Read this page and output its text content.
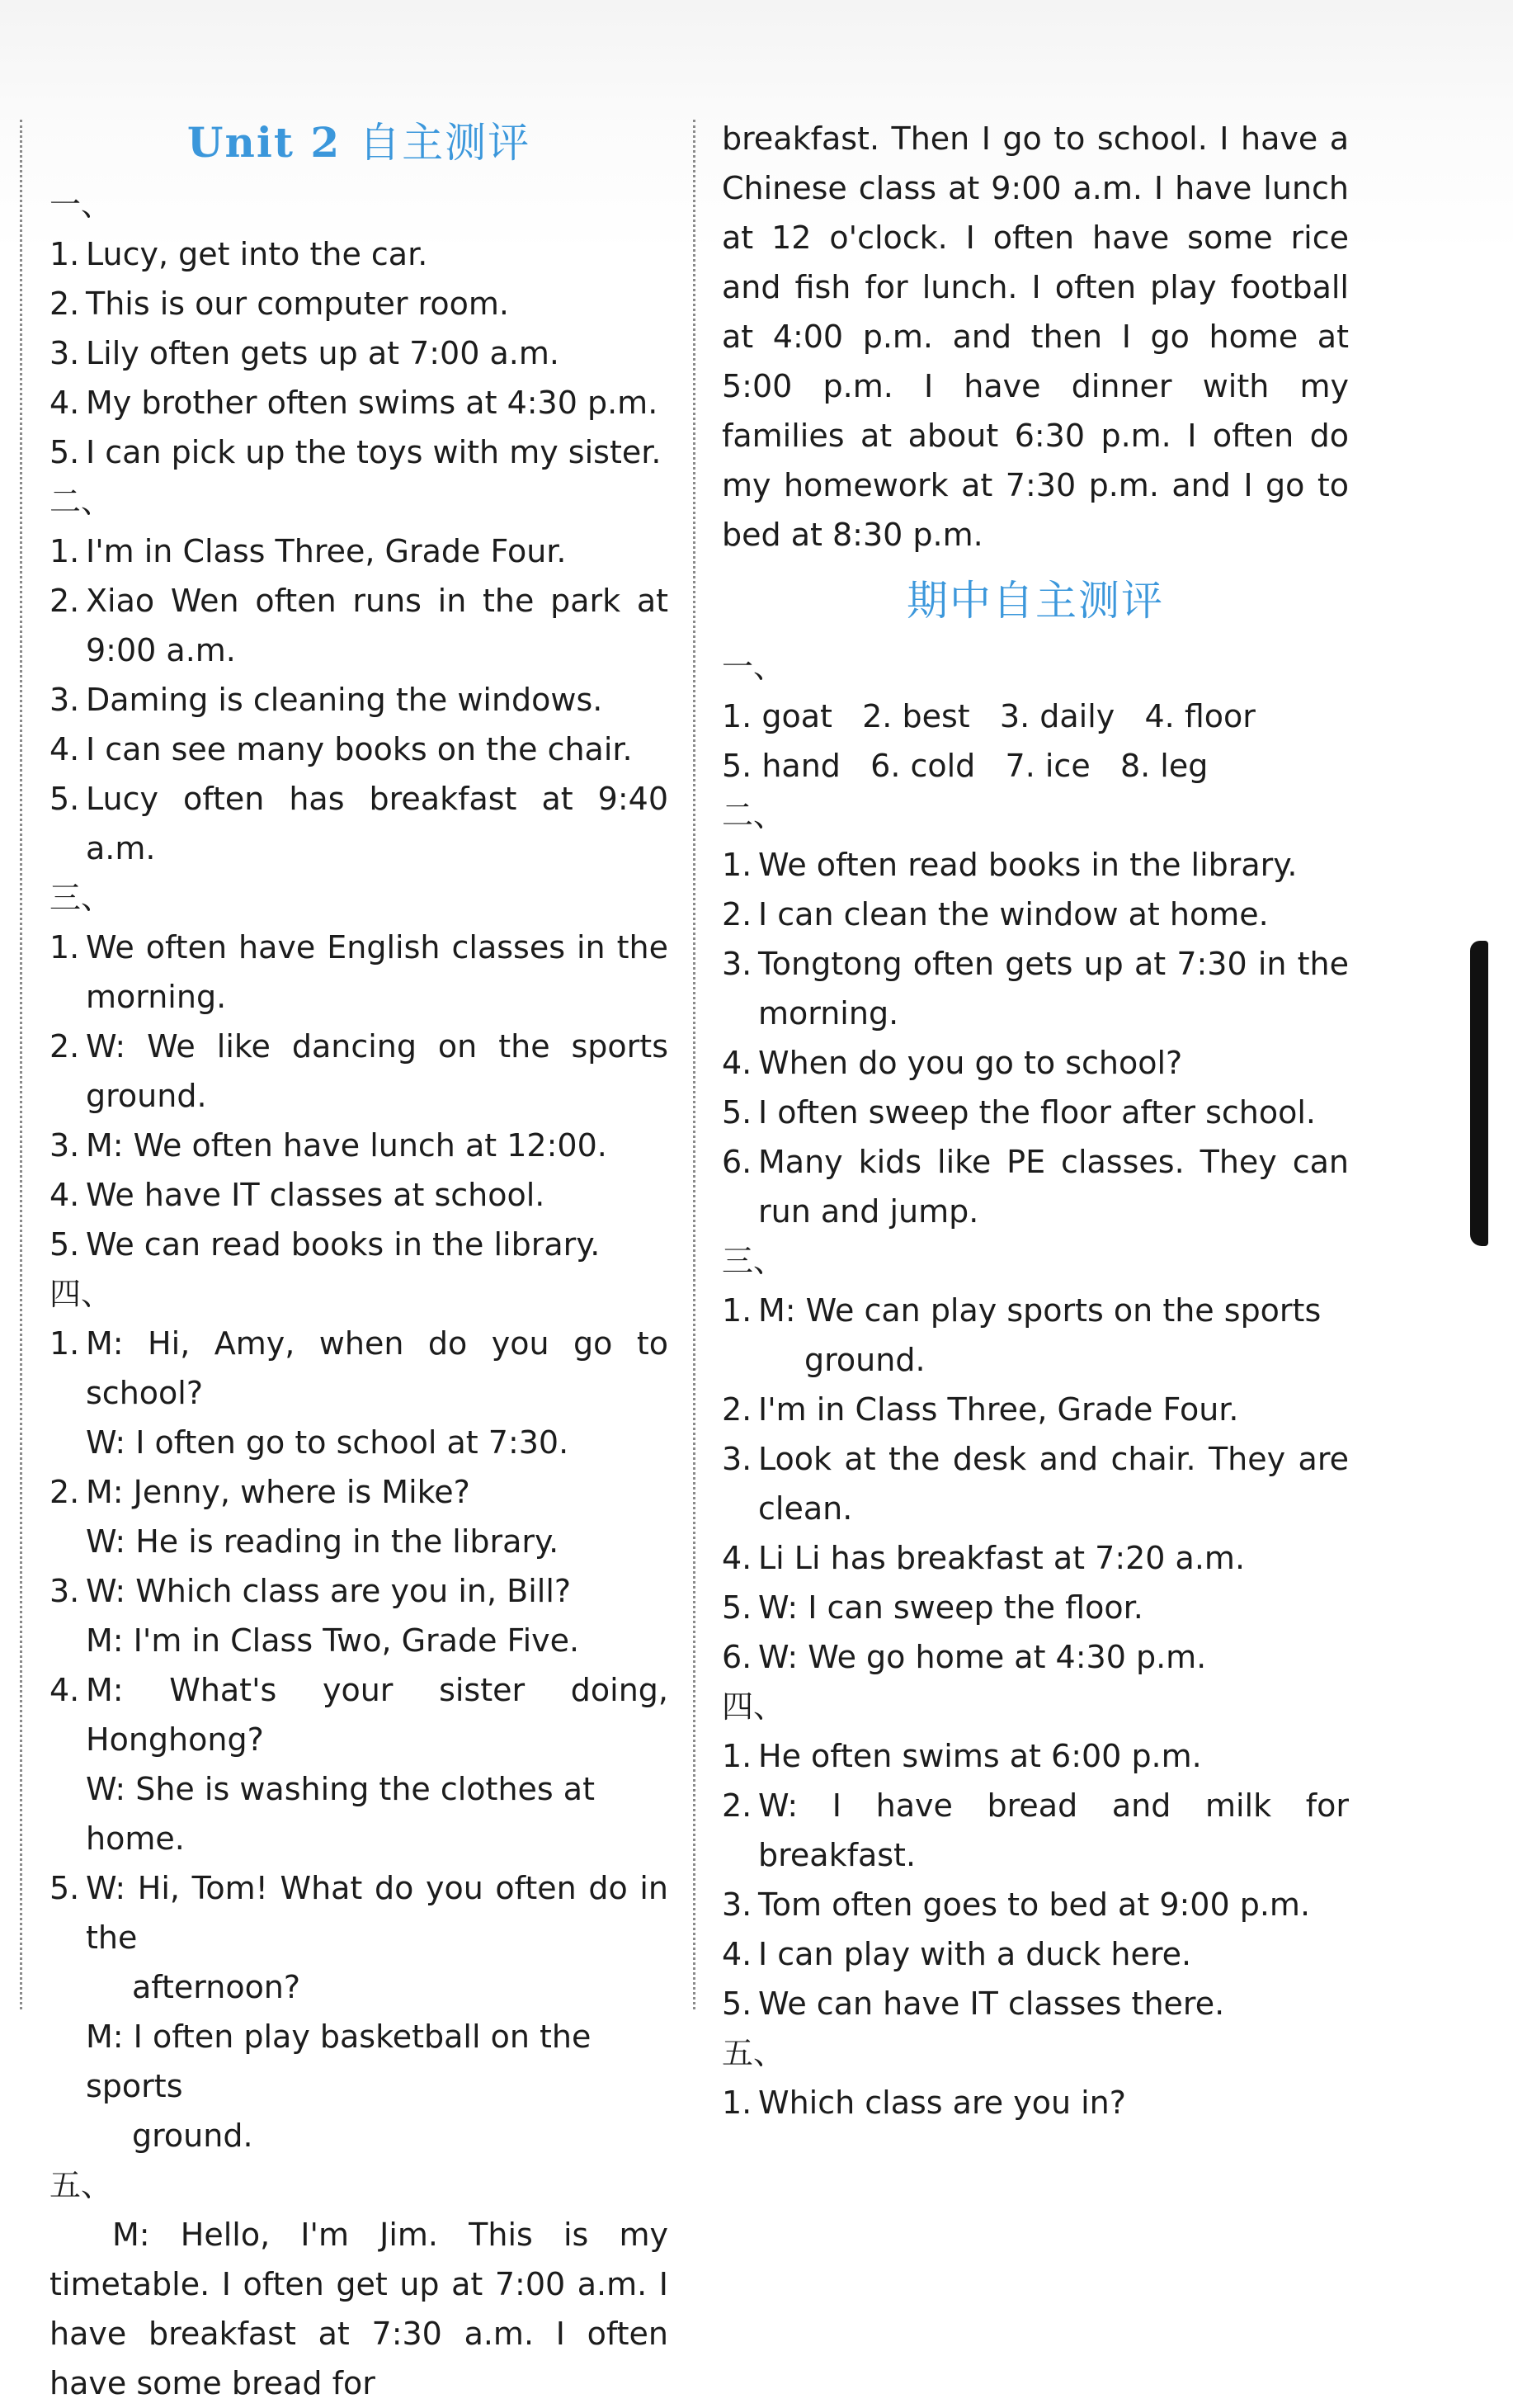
Unit 2 自主测评
一、
1. Lucy, get into the car.
2. This is our computer room.
3. Lily often gets up at 7:00 a.m.
4. My brother often swims at 4:30 p.m.
5. I can pick up the toys with my sister.
二、
1. I'm in Class Three, Grade Four.
2. Xiao Wen often runs in the park at 9:00 a.m.
3. Daming is cleaning the windows.
4. I can see many books on the chair.
5. Lucy often has breakfast at 9:40 a.m.
三、
1. We often have English classes in the morning.
2. W: We like dancing on the sports ground.
3. M: We often have lunch at 12:00.
4. We have IT classes at school.
5. We can read books in the library.
四、
1. M: Hi, Amy, when do you go to school?
W: I often go to school at 7:30.
2. M: Jenny, where is Mike?
W: He is reading in the library.
3. W: Which class are you in, Bill?
M: I'm in Class Two, Grade Five.
4. M: What's your sister doing, Honghong?
W: She is washing the clothes at home.
5. W: Hi, Tom! What do you often do in the
afternoon?
M: I often play basketball on the sports
ground.
五、
M: Hello, I'm Jim. This is my timetable. I often get up at 7:00 a.m. I have breakfast at 7:30 a.m. I often have some bread for
breakfast. Then I go to school. I have a Chinese class at 9:00 a.m. I have lunch at 12 o'clock. I often have some rice and fish for lunch. I often play football at 4:00 p.m. and then I go home at 5:00 p.m. I have dinner with my families at about 6:30 p.m. I often do my homework at 7:30 p.m. and I go to bed at 8:30 p.m.
期中自主测评
一、
1. goat   2. best   3. daily   4. floor
5. hand   6. cold   7. ice   8. leg
二、
1. We often read books in the library.
2. I can clean the window at home.
3. Tongtong often gets up at 7:30 in the morning.
4. When do you go to school?
5. I often sweep the floor after school.
6. Many kids like PE classes. They can run and jump.
三、
1. M: We can play sports on the sports
ground.
2. I'm in Class Three, Grade Four.
3. Look at the desk and chair. They are clean.
4. Li Li has breakfast at 7:20 a.m.
5. W: I can sweep the floor.
6. W: We go home at 4:30 p.m.
四、
1. He often swims at 6:00 p.m.
2. W: I have bread and milk for breakfast.
3. Tom often goes to bed at 9:00 p.m.
4. I can play with a duck here.
5. We can have IT classes there.
五、
1. Which class are you in?
